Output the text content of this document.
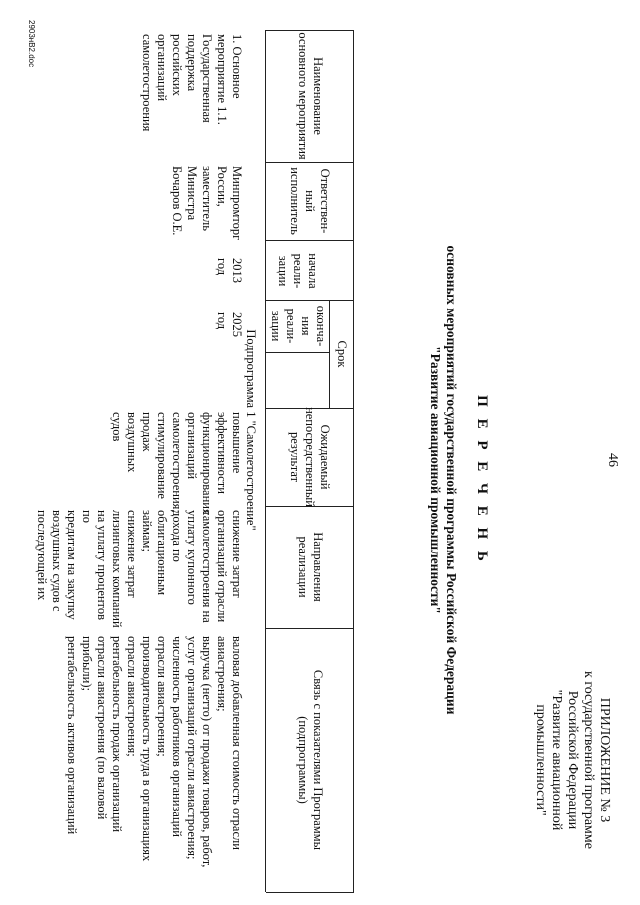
46
ПРИЛОЖЕНИЕ № 3
к государственной программе
Российской Федерации
"Развитие авиационной
промышленности"
П Е Р Е Ч Е Н Ь
основных мероприятий государственной программы Российской Федерации
"Развитие авиационной промышленности"
Наименование основного мероприятия
Ответствен-ный исполнитель
Срок
начала реали-зации
оконча-ния реали-зации
Ожидаемый непосредственный результат
Направления реализации
Связь с показателями Программы (подпрограммы)
Подпрограмма 1 "Самолетостроение"
1. Основное
мероприятие 1.1.
Государственная
поддержка
российских
организаций
самолетостроения
Минпромторг
России,
заместитель
Министра
Бочаров О.Е.
2013
год
2025
год
повышение
эффективности
функционирования
организаций
самолетостроения;
стимулирование
продаж воздушных
судов
снижение затрат
организаций отрасли
самолетостроения на
уплату купонного
дохода по
облигационным займам;
снижение затрат
лизинговых компаний
на уплату процентов по
кредитам на закупку
воздушных судов с
последующей их
валовая добавленная стоимость отрасли
авиастроения;
выручка (нетто) от продажи товаров, работ,
услуг организаций отрасли авиастроения;
численность работников организаций
отрасли авиастроения;
производительность труда в организациях
отрасли авиастроения;
рентабельность продаж организаций
отрасли авиастроения (по валовой
прибыли);
рентабельность активов организаций
2903нВ2.doc
